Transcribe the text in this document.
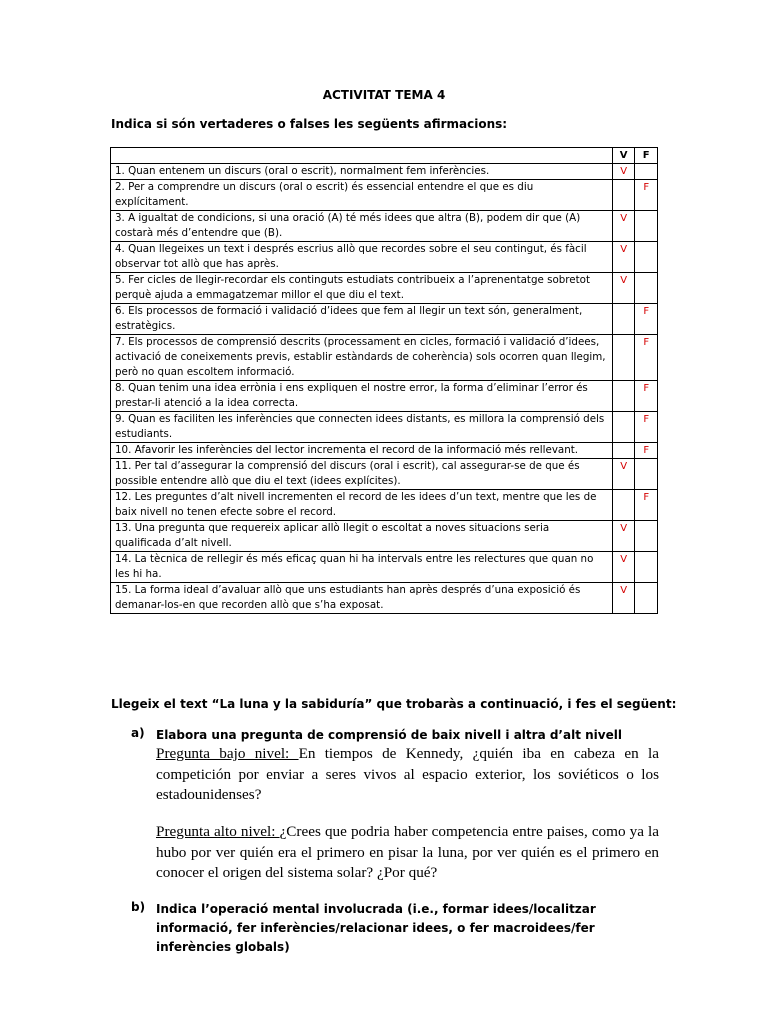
ACTIVITAT TEMA 4
Indica si són vertaderes o falses les següents afirmacions:
	V	F
1. Quan entenem un discurs (oral o escrit), normalment fem inferències.	V	
2. Per a comprendre un discurs (oral o escrit) és essencial entendre el que es diu explícitament.		F
3. A igualtat de condicions, si una oració (A) té més idees que altra (B), podem dir que (A) costarà més d’entendre que (B).	V	
4. Quan llegeixes un text i després escrius allò que recordes sobre el seu contingut, és fàcil observar tot allò que has après.	V	
5. Fer cicles de llegir-recordar els continguts estudiats contribueix a l’aprenentatge sobretot perquè ajuda a emmagatzemar millor el que diu el text.	V	
6. Els processos de formació i validació d’idees que fem al llegir un text són, generalment, estratègics.		F
7. Els processos de comprensió descrits (processament en cicles, formació i validació d’idees, activació de coneixements previs, establir estàndards de coherència) sols ocorren quan llegim, però no quan escoltem informació.		F
8. Quan tenim una idea errònia i ens expliquen el nostre error, la forma d’eliminar l’error és prestar-li atenció a la idea correcta.		F
9. Quan es faciliten les inferències que connecten idees distants, es millora la comprensió dels estudiants.		F
10. Afavorir les inferències del lector incrementa el record de la informació més rellevant.		F
11. Per tal d’assegurar la comprensió del discurs (oral i escrit), cal assegurar-se de que és possible entendre allò que diu el text (idees explícites).	V	
12. Les preguntes d’alt nivell incrementen el record de les idees d’un text, mentre que les de baix nivell no tenen efecte sobre el record.		F
13. Una pregunta que requereix aplicar allò llegit o escoltat a noves situacions seria qualificada d’alt nivell.	V	
14. La tècnica de rellegir és més eficaç quan hi ha intervals entre les relectures que quan no les hi ha.	V	
15. La forma ideal d’avaluar allò que uns estudiants han après després d’una exposició és demanar-los-en que recorden allò que s’ha exposat.	V	
Llegeix el text “La luna y la sabiduría” que trobaràs a continuació, i fes el següent:
a) Elabora una pregunta de comprensió de baix nivell i altra d’alt nivell
Pregunta bajo nivel: En tiempos de Kennedy, ¿quién iba en cabeza en la competición por enviar a seres vivos al espacio exterior, los soviéticos o los estadounidenses?
Pregunta alto nivel: ¿Crees que podria haber competencia entre paises, como ya la hubo por ver quién era el primero en pisar la luna, por ver quién es el primero en conocer el origen del sistema solar? ¿Por qué?
b) Indica l’operació mental involucrada (i.e., formar idees/localitzar informació, fer inferències/relacionar idees, o fer macroidees/fer inferències globals)
